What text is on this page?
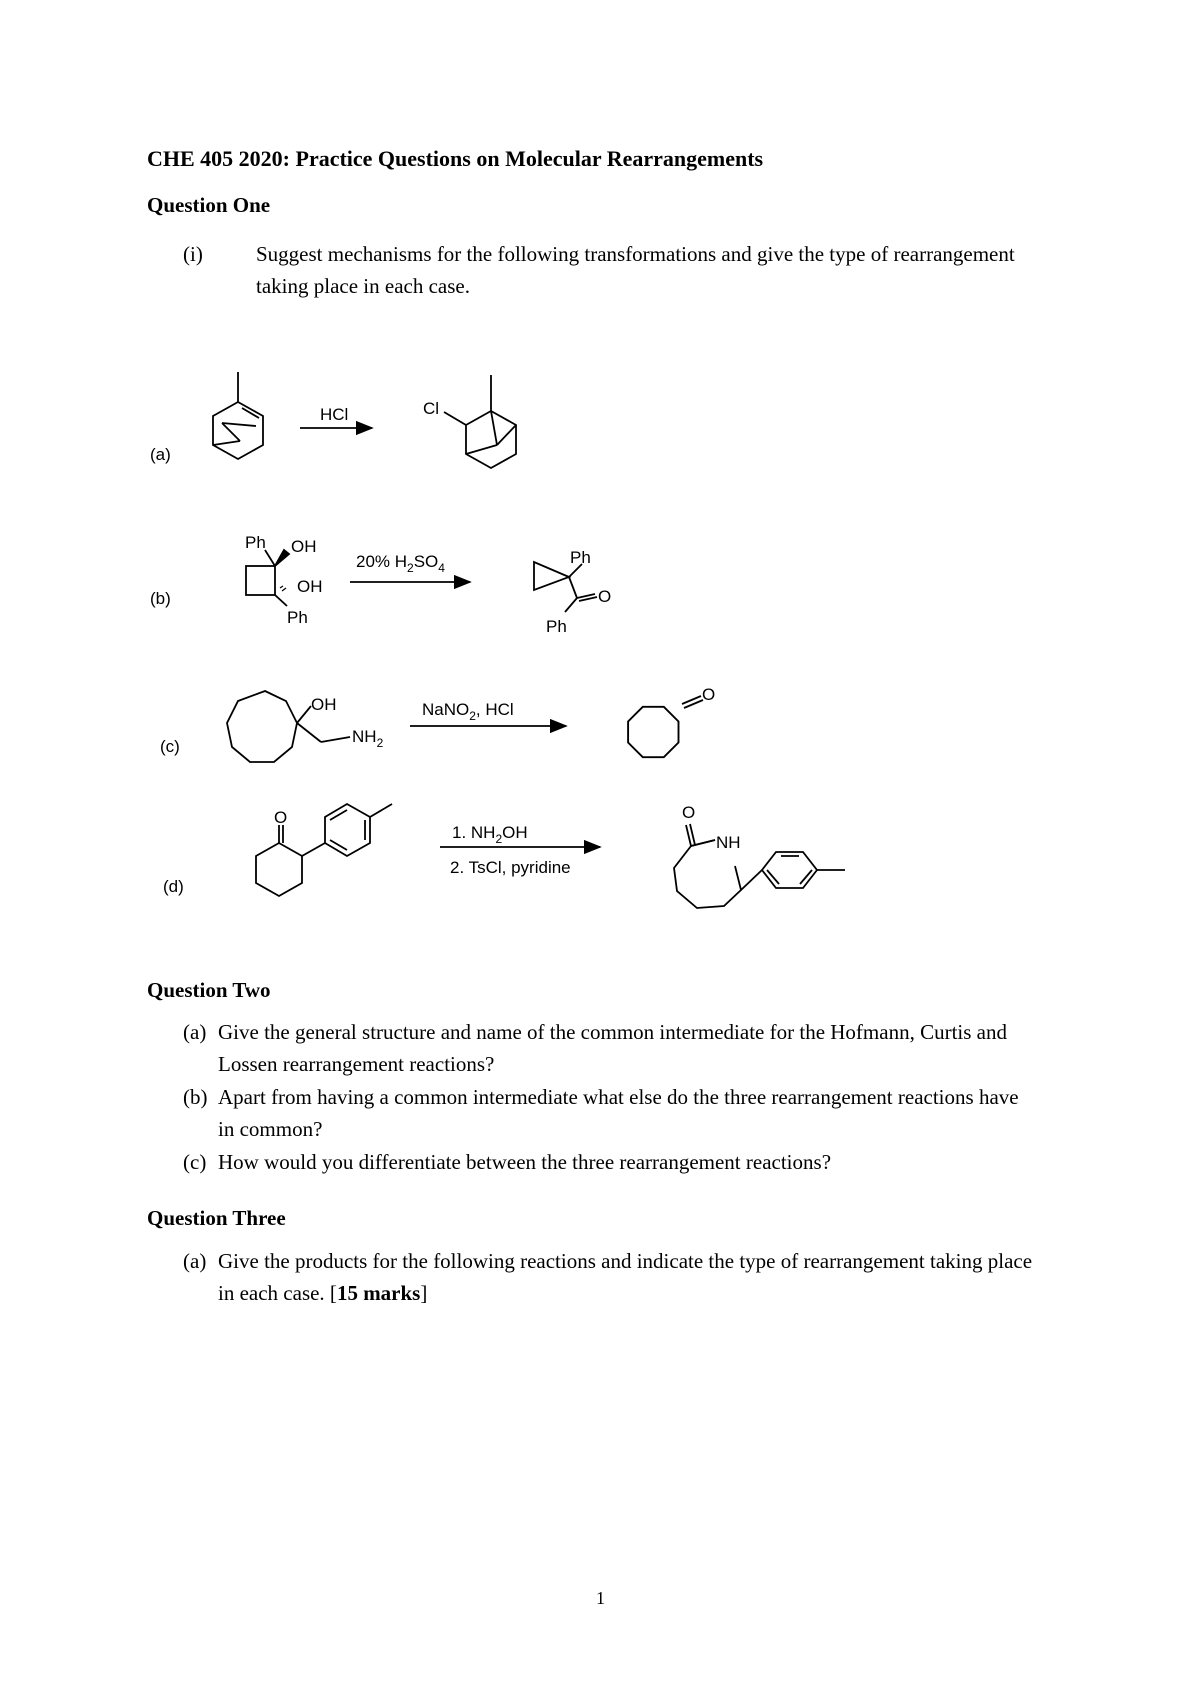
CHE 405 2020: Practice Questions on Molecular Rearrangements
Question One
(i)	Suggest mechanisms for the following transformations and give the type of rearrangement taking place in each case.
(a)
HCl	Cl
(b)
Ph OH
OH
Ph
20% $H_2SO_4$
Ph
O
Ph
(c)
OH
$NH_2$
NaNO$_2$, HCl
O
(d)
O
1. $NH_2OH$
2. TsCl, pyridine
O
NH
Question Two
(a) Give the general structure and name of the common intermediate for the Hofmann, Curtis and Lossen rearrangement reactions?
(b) Apart from having a common intermediate what else do the three rearrangement reactions have in common?
(c) How would you differentiate between the three rearrangement reactions?
Question Three
(a) Give the products for the following reactions and indicate the type of rearrangement taking place in each case. [15 marks]
1
